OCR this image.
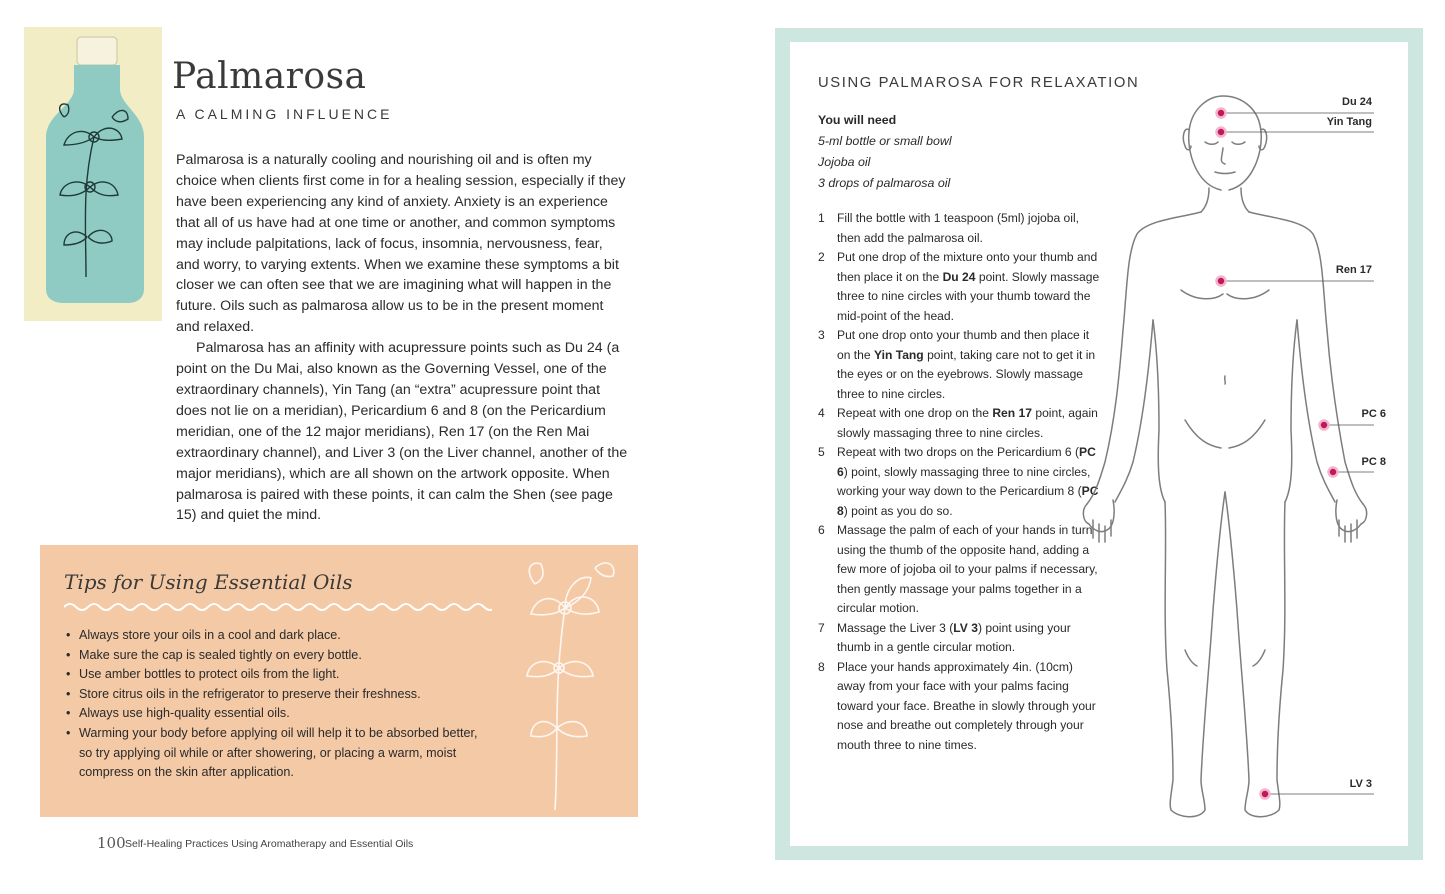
Palmarosa
A CALMING INFLUENCE

Palmarosa is a naturally cooling and nourishing oil and is often my choice when clients first come in for a healing session, especially if they have been experiencing any kind of anxiety. Anxiety is an experience that all of us have had at one time or another, and common symptoms may include palpitations, lack of focus, insomnia, nervousness, fear, and worry, to varying extents. When we examine these symptoms a bit closer we can often see that we are imagining what will happen in the future. Oils such as palmarosa allow us to be in the present moment and relaxed.

Palmarosa has an affinity with acupressure points such as Du 24 (a point on the Du Mai, also known as the Governing Vessel, one of the extraordinary channels), Yin Tang (an “extra” acupressure point that does not lie on a meridian), Pericardium 6 and 8 (on the Pericardium meridian, one of the 12 major meridians), Ren 17 (on the Ren Mai extraordinary channel), and Liver 3 (on the Liver channel, another of the major meridians), which are all shown on the artwork opposite. When palmarosa is paired with these points, it can calm the Shen (see page 15) and quiet the mind.

Tips for Using Essential Oils
• Always store your oils in a cool and dark place.
• Make sure the cap is sealed tightly on every bottle.
• Use amber bottles to protect oils from the light.
• Store citrus oils in the refrigerator to preserve their freshness.
• Always use high-quality essential oils.
• Warming your body before applying oil will help it to be absorbed better, so try applying oil while or after showering, or placing a warm, moist compress on the skin after application.
100 Self-Healing Practices Using Aromatherapy and Essential Oils
USING PALMAROSA FOR RELAXATION
You will need
5-ml bottle or small bowl
Jojoba oil
3 drops of palmarosa oil
1 Fill the bottle with 1 teaspoon (5ml) jojoba oil, then add the palmarosa oil.
2 Put one drop of the mixture onto your thumb and then place it on the Du 24 point. Slowly massage three to nine circles with your thumb toward the mid-point of the head.
3 Put one drop onto your thumb and then place it on the Yin Tang point, taking care not to get it in the eyes or on the eyebrows. Slowly massage three to nine circles.
4 Repeat with one drop on the Ren 17 point, again slowly massaging three to nine circles.
5 Repeat with two drops on the Pericardium 6 (PC 6) point, slowly massaging three to nine circles, working your way down to the Pericardium 8 (PC 8) point as you do so.
6 Massage the palm of each of your hands in turn using the thumb of the opposite hand, adding a few more of jojoba oil to your palms if necessary, then gently massage your palms together in a circular motion.
7 Massage the Liver 3 (LV 3) point using your thumb in a gentle circular motion.
8 Place your hands approximately 4in. (10cm) away from your face with your palms facing toward your face. Breathe in slowly through your nose and breathe out completely through your mouth three to nine times.
Du 24
Yin Tang
Ren 17
PC 6
PC 8
LV 3
